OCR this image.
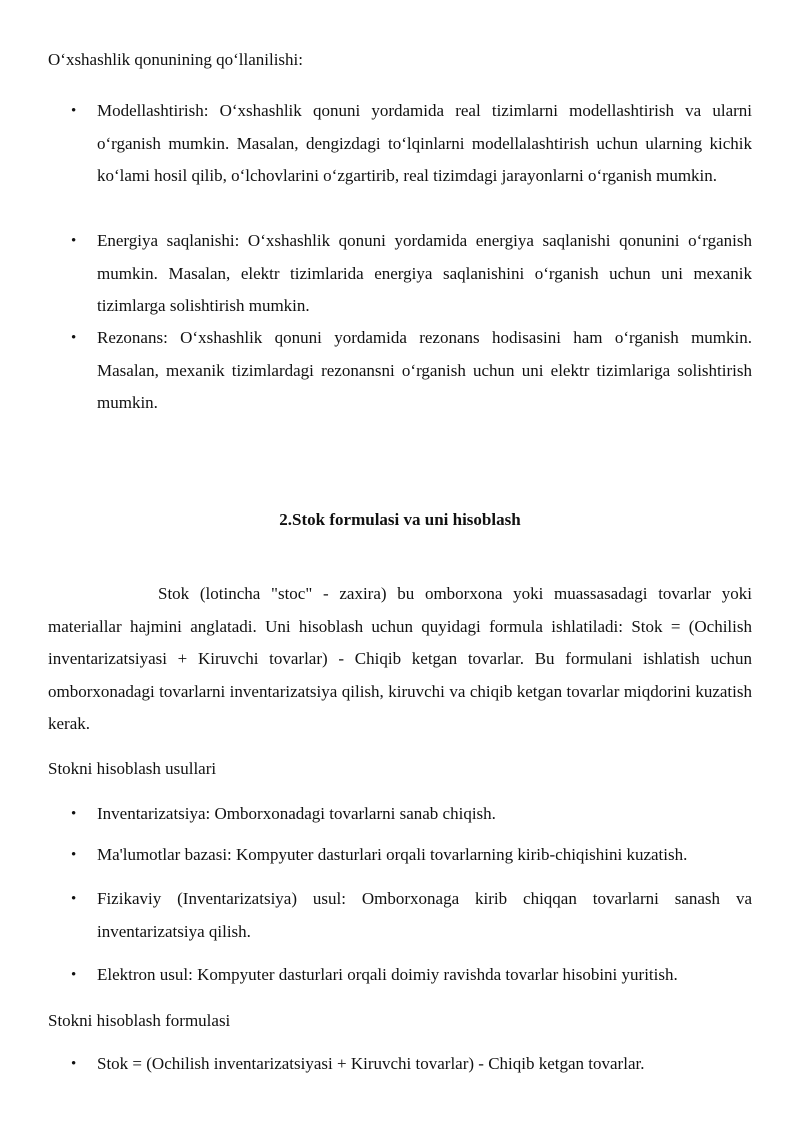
O‘xshashlik qonunining qo‘llanilishi:

• Modellashtirish: O‘xshashlik qonuni yordamida real tizimlarni modellashtirish va ularni o‘rganish mumkin. Masalan, dengizdagi to‘lqinlarni modellalashtirish uchun ularning kichik ko‘lami hosil qilib, o‘lchovlarini o‘zgartirib, real tizimdagi jarayonlarni o‘rganish mumkin.
• Energiya saqlanishi: O‘xshashlik qonuni yordamida energiya saqlanishi qonunini o‘rganish mumkin. Masalan, elektr tizimlarida energiya saqlanishini o‘rganish uchun uni mexanik tizimlarga solishtirish mumkin.
• Rezonans: O‘xshashlik qonuni yordamida rezonans hodisasini ham o‘rganish mumkin. Masalan, mexanik tizimlardagi rezonansni o‘rganish uchun uni elektr tizimlariga solishtirish mumkin.

2.Stok formulasi va uni hisoblash

Stok (lotincha "stoc" - zaxira) bu omborxona yoki muassasadagi tovarlar yoki materiallar hajmini anglatadi. Uni hisoblash uchun quyidagi formula ishlatiladi: Stok = (Ochilish inventarizatsiyasi + Kiruvchi tovarlar) - Chiqib ketgan tovarlar. Bu formulani ishlatish uchun omborxonadagi tovarlarni inventarizatsiya qilish, kiruvchi va chiqib ketgan tovarlar miqdorini kuzatish kerak.

Stokni hisoblash usullari

• Inventarizatsiya: Omborxonadagi tovarlarni sanab chiqish.
• Ma'lumotlar bazasi: Kompyuter dasturlari orqali tovarlarning kirib-chiqishini kuzatish.
• Fizikaviy (Inventarizatsiya) usul: Omborxonaga kirib chiqqan tovarlarni sanash va inventarizatsiya qilish.
• Elektron usul: Kompyuter dasturlari orqali doimiy ravishda tovarlar hisobini yuritish.

Stokni hisoblash formulasi

• Stok = (Ochilish inventarizatsiyasi + Kiruvchi tovarlar) - Chiqib ketgan tovarlar.
